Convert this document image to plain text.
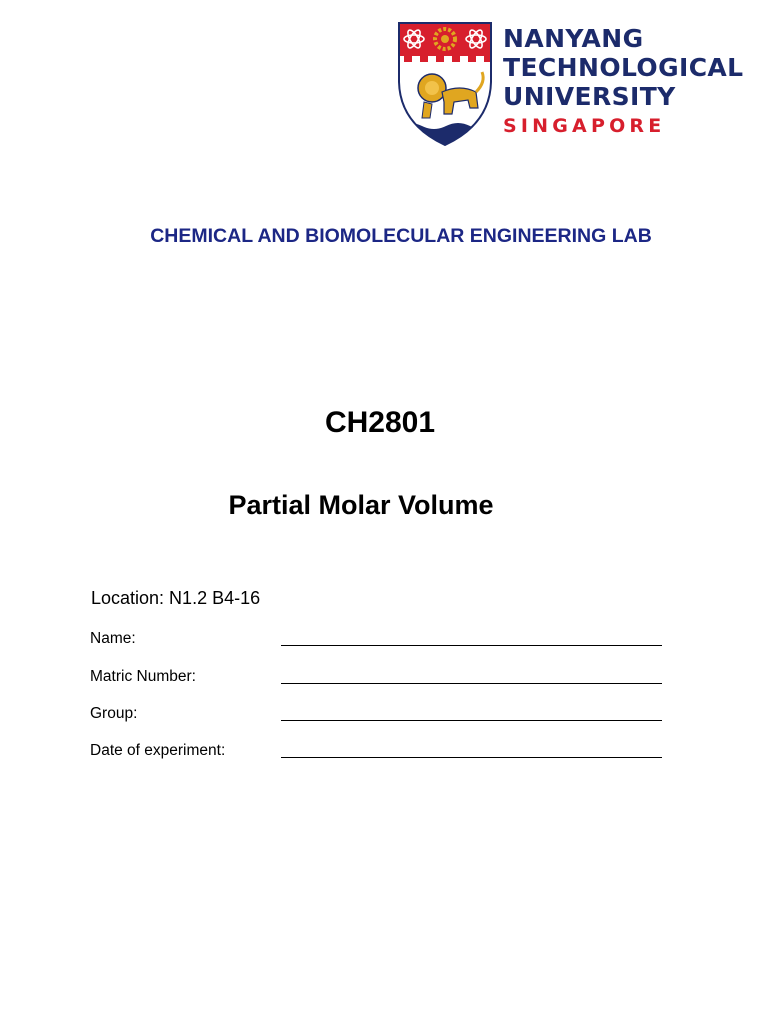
NANYANG
TECHNOLOGICAL
UNIVERSITY
SINGAPORE
CHEMICAL AND BIOMOLECULAR ENGINEERING LAB
CH2801
Partial Molar Volume
Location: N1.2 B4-16
Name:
Matric Number:
Group:
Date of experiment:
